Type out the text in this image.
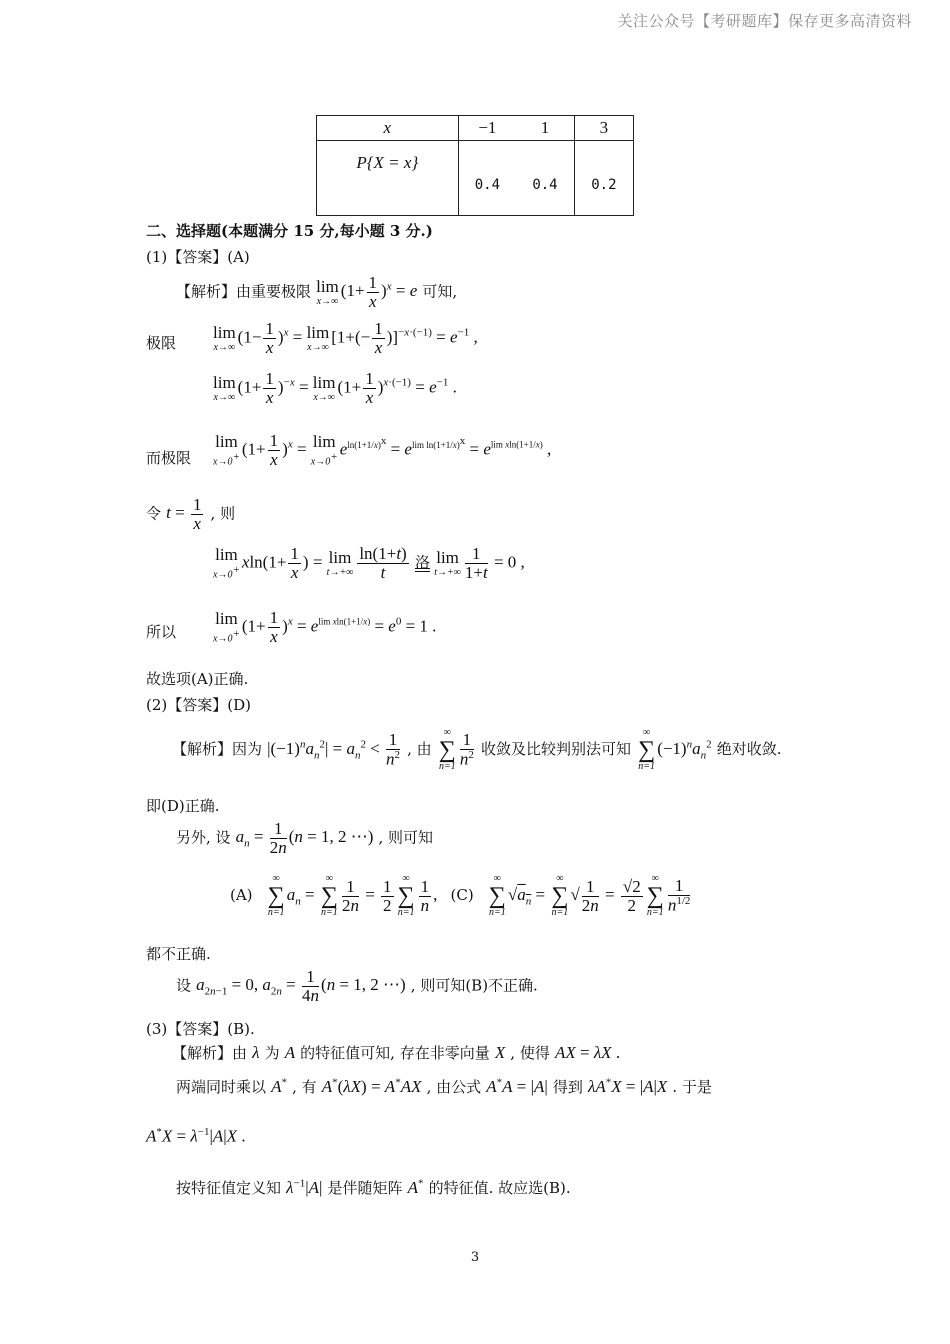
关注公众号【考研题库】保存更多高清资料
x	−1	1	3
P{X = x}	0.4	0.4	0.2
二、选择题(本题满分 15 分,每小题 3 分.)
(1)【答案】(A)
【解析】由重要极限 lim
x→∞
$(1+ \frac{1}{x} )^x = e$ 可知,
极限
lim
x→∞
$(1- \frac{1}{x} )^x = \lim$
x→∞
$[1+(- \frac{1}{x} )]^{-x\cdot(-1)} = e^{-1}$ ,
lim
x→∞
$(1+ \frac{1}{x} )^{-x} = \lim$
x→∞
$(1+ \frac{1}{x} )^{x\cdot(-1)} = e^{-1}$ .
而极限
lim
x→0+ $(1+ \frac{1}{x} )^x = \lim$
x→0+ $e^{ln(1+1/x)^x} = e^{lim ln(1+1/x)^x} = e^{lim xln(1+1/x)}$ ,
令 $t = \frac{1}{x}$ , 则
lim
x→0+ $xln(1+ \frac{1}{x}$ ) = lim
$t\to+\infty \frac{\ln(1+t)}{t}$ 洛 lim
$t\to+\infty \frac{1}{1+t} = 0$ ,
所以
lim
x→0+ $(1+ \frac{1}{x} )^x = e^{lim xln(1+1/x)} = e^0 = 1$ .
故选项(A)正确.
(2)【答案】(D)
【解析】因为 $|(-1)^na_n^2| = a_n^2 < \frac{1}{n^2}$ , 由
∞
∑
$n=1 \frac{1}{n^2}$ 收敛及比较判别法可知
∞
∑
n=1
$(-1)^na_n^2$ 绝对收敛.
即(D)正确.
另外, 设 $a_n = \frac{1}{2n} (n = 1$, 2 ⋯) , 则可知
(A)
∞
∑
n=1
$a_n$ =
∞
∑
$n=1 \frac{1}{2n} = \frac{1}{2}$ ∞
∑
$n=1 \frac{1}{n}$ , (C)
∞
∑
n=1
$√a_n$ =
∞
∑
n=1
√ $\frac{1}{2n} = \frac{√2}{2}$ ∞
∑
$n=1 \frac{1}{n^{1/2}}$
都不正确.
设 $a_{2n-1} = 0$, $a_{2n} = \frac{1}{4n} (n = 1$, 2 ⋯) , 则可知(B)不正确.
(3)【答案】(B).
【解析】由 λ 为 A 的特征值可知, 存在非零向量 X , 使得 AX = λX .
两端同时乘以 A* , 有 A*(λX) = A*AX , 由公式 A*A = |A| 得到 λA*X = |A|X . 于是
$A^*X = \lambda^{-1}|A|X$ .
按特征值定义知 $\lambda^{-1}|A|$ 是伴随矩阵 A* 的特征值. 故应选(B).
3
